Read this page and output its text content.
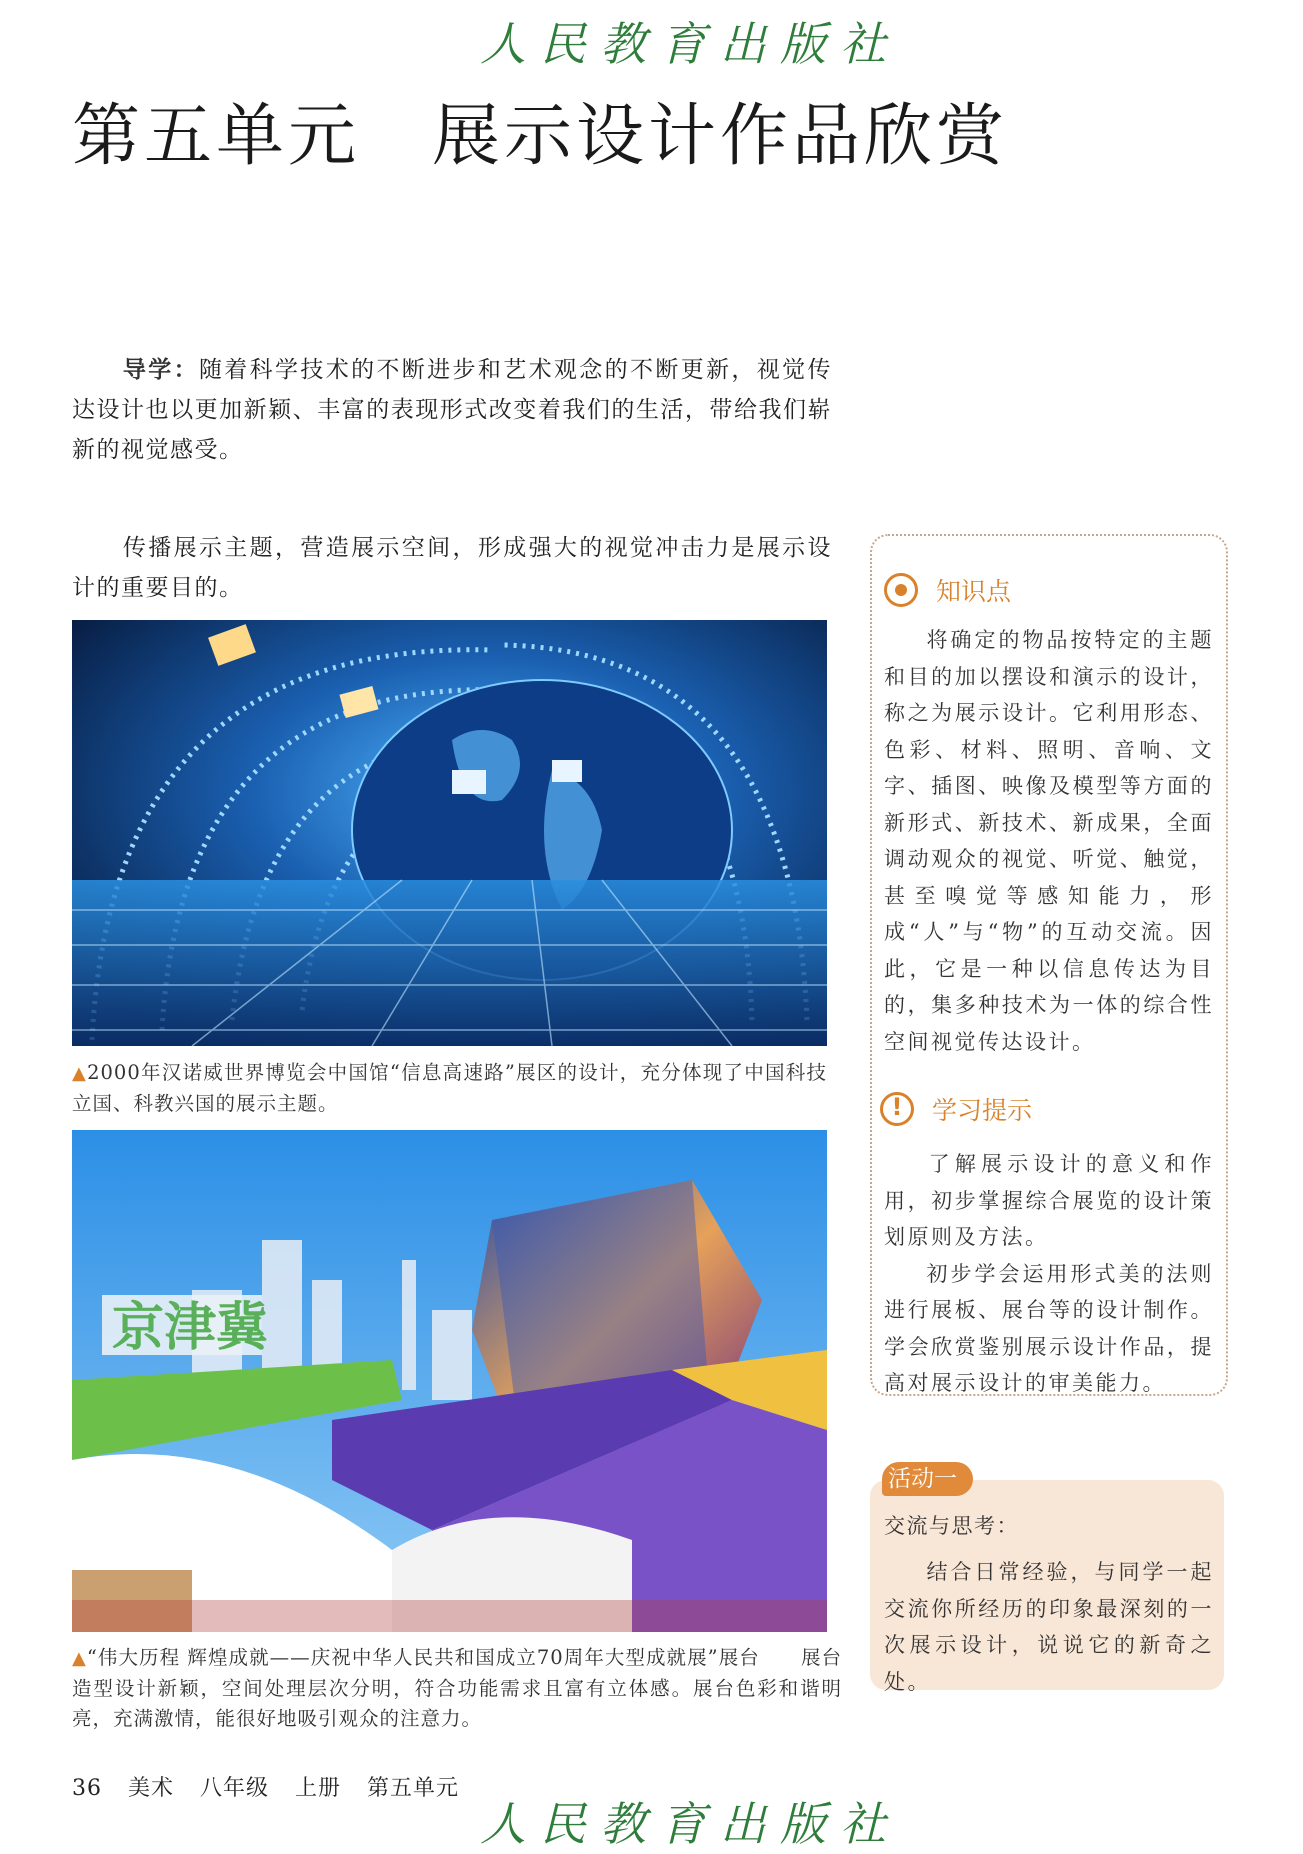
人民教育出版社
第五单元　展示设计作品欣赏
导学：随着科学技术的不断进步和艺术观念的不断更新，视觉传达设计也以更加新颖、丰富的表现形式改变着我们的生活，带给我们崭新的视觉感受。
传播展示主题，营造展示空间，形成强大的视觉冲击力是展示设计的重要目的。
▲2000年汉诺威世界博览会中国馆“信息高速路”展区的设计，充分体现了中国科技立国、科教兴国的展示主题。
京津冀
▲“伟大历程 辉煌成就——庆祝中华人民共和国成立70周年大型成就展”展台　　展台造型设计新颖，空间处理层次分明，符合功能需求且富有立体感。展台色彩和谐明亮，充满激情，能很好地吸引观众的注意力。
知识点
将确定的物品按特定的主题和目的加以摆设和演示的设计，称之为展示设计。它利用形态、色彩、材料、照明、音响、文字、插图、映像及模型等方面的新形式、新技术、新成果，全面调动观众的视觉、听觉、触觉，甚至嗅觉等感知能力，形成“人”与“物”的互动交流。因此，它是一种以信息传达为目的，集多种技术为一体的综合性空间视觉传达设计。
!	学习提示
了解展示设计的意义和作用，初步掌握综合展览的设计策划原则及方法。
初步学会运用形式美的法则进行展板、展台等的设计制作。学会欣赏鉴别展示设计作品，提高对展示设计的审美能力。
活动一
交流与思考：
结合日常经验，与同学一起交流你所经历的印象最深刻的一次展示设计，说说它的新奇之处。
36 美术 八年级 上册 第五单元
人民教育出版社
